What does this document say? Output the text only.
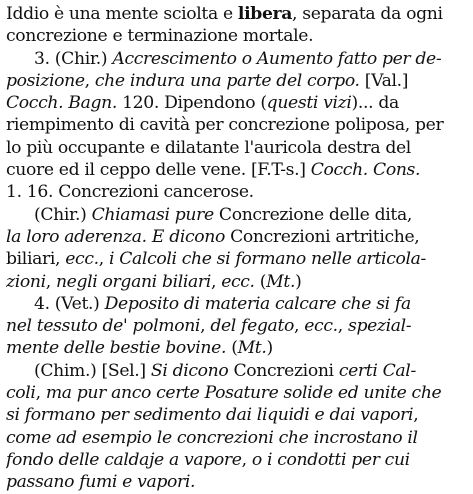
Iddio è una mente sciolta e libera, separata da ogni
concrezione e terminazione mortale.
3. (Chir.) Accrescimento o Aumento fatto per de-
posizione, che indura una parte del corpo. [Val.]
Cocch. Bagn. 120. Dipendono (questi vizi)... da
riempimento di cavità per concrezione poliposa, per
lo più occupante e dilatante l'auricola destra del
cuore ed il ceppo delle vene. [F.T-s.] Cocch. Cons.
1. 16. Concrezioni cancerose.
(Chir.) Chiamasi pure Concrezione delle dita,
la loro aderenza. E dicono Concrezioni artritiche,
biliari, ecc., i Calcoli che si formano nelle articola-
zioni, negli organi biliari, ecc. (Mt.)
4. (Vet.) Deposito di materia calcare che si fa
nel tessuto de' polmoni, del fegato, ecc., spezial-
mente delle bestie bovine. (Mt.)
(Chim.) [Sel.] Si dicono Concrezioni certi Cal-
coli, ma pur anco certe Posature solide ed unite che
si formano per sedimento dai liquidi e dai vapori,
come ad esempio le concrezioni che incrostano il
fondo delle caldaje a vapore, o i condotti per cui
passano fumi e vapori.
